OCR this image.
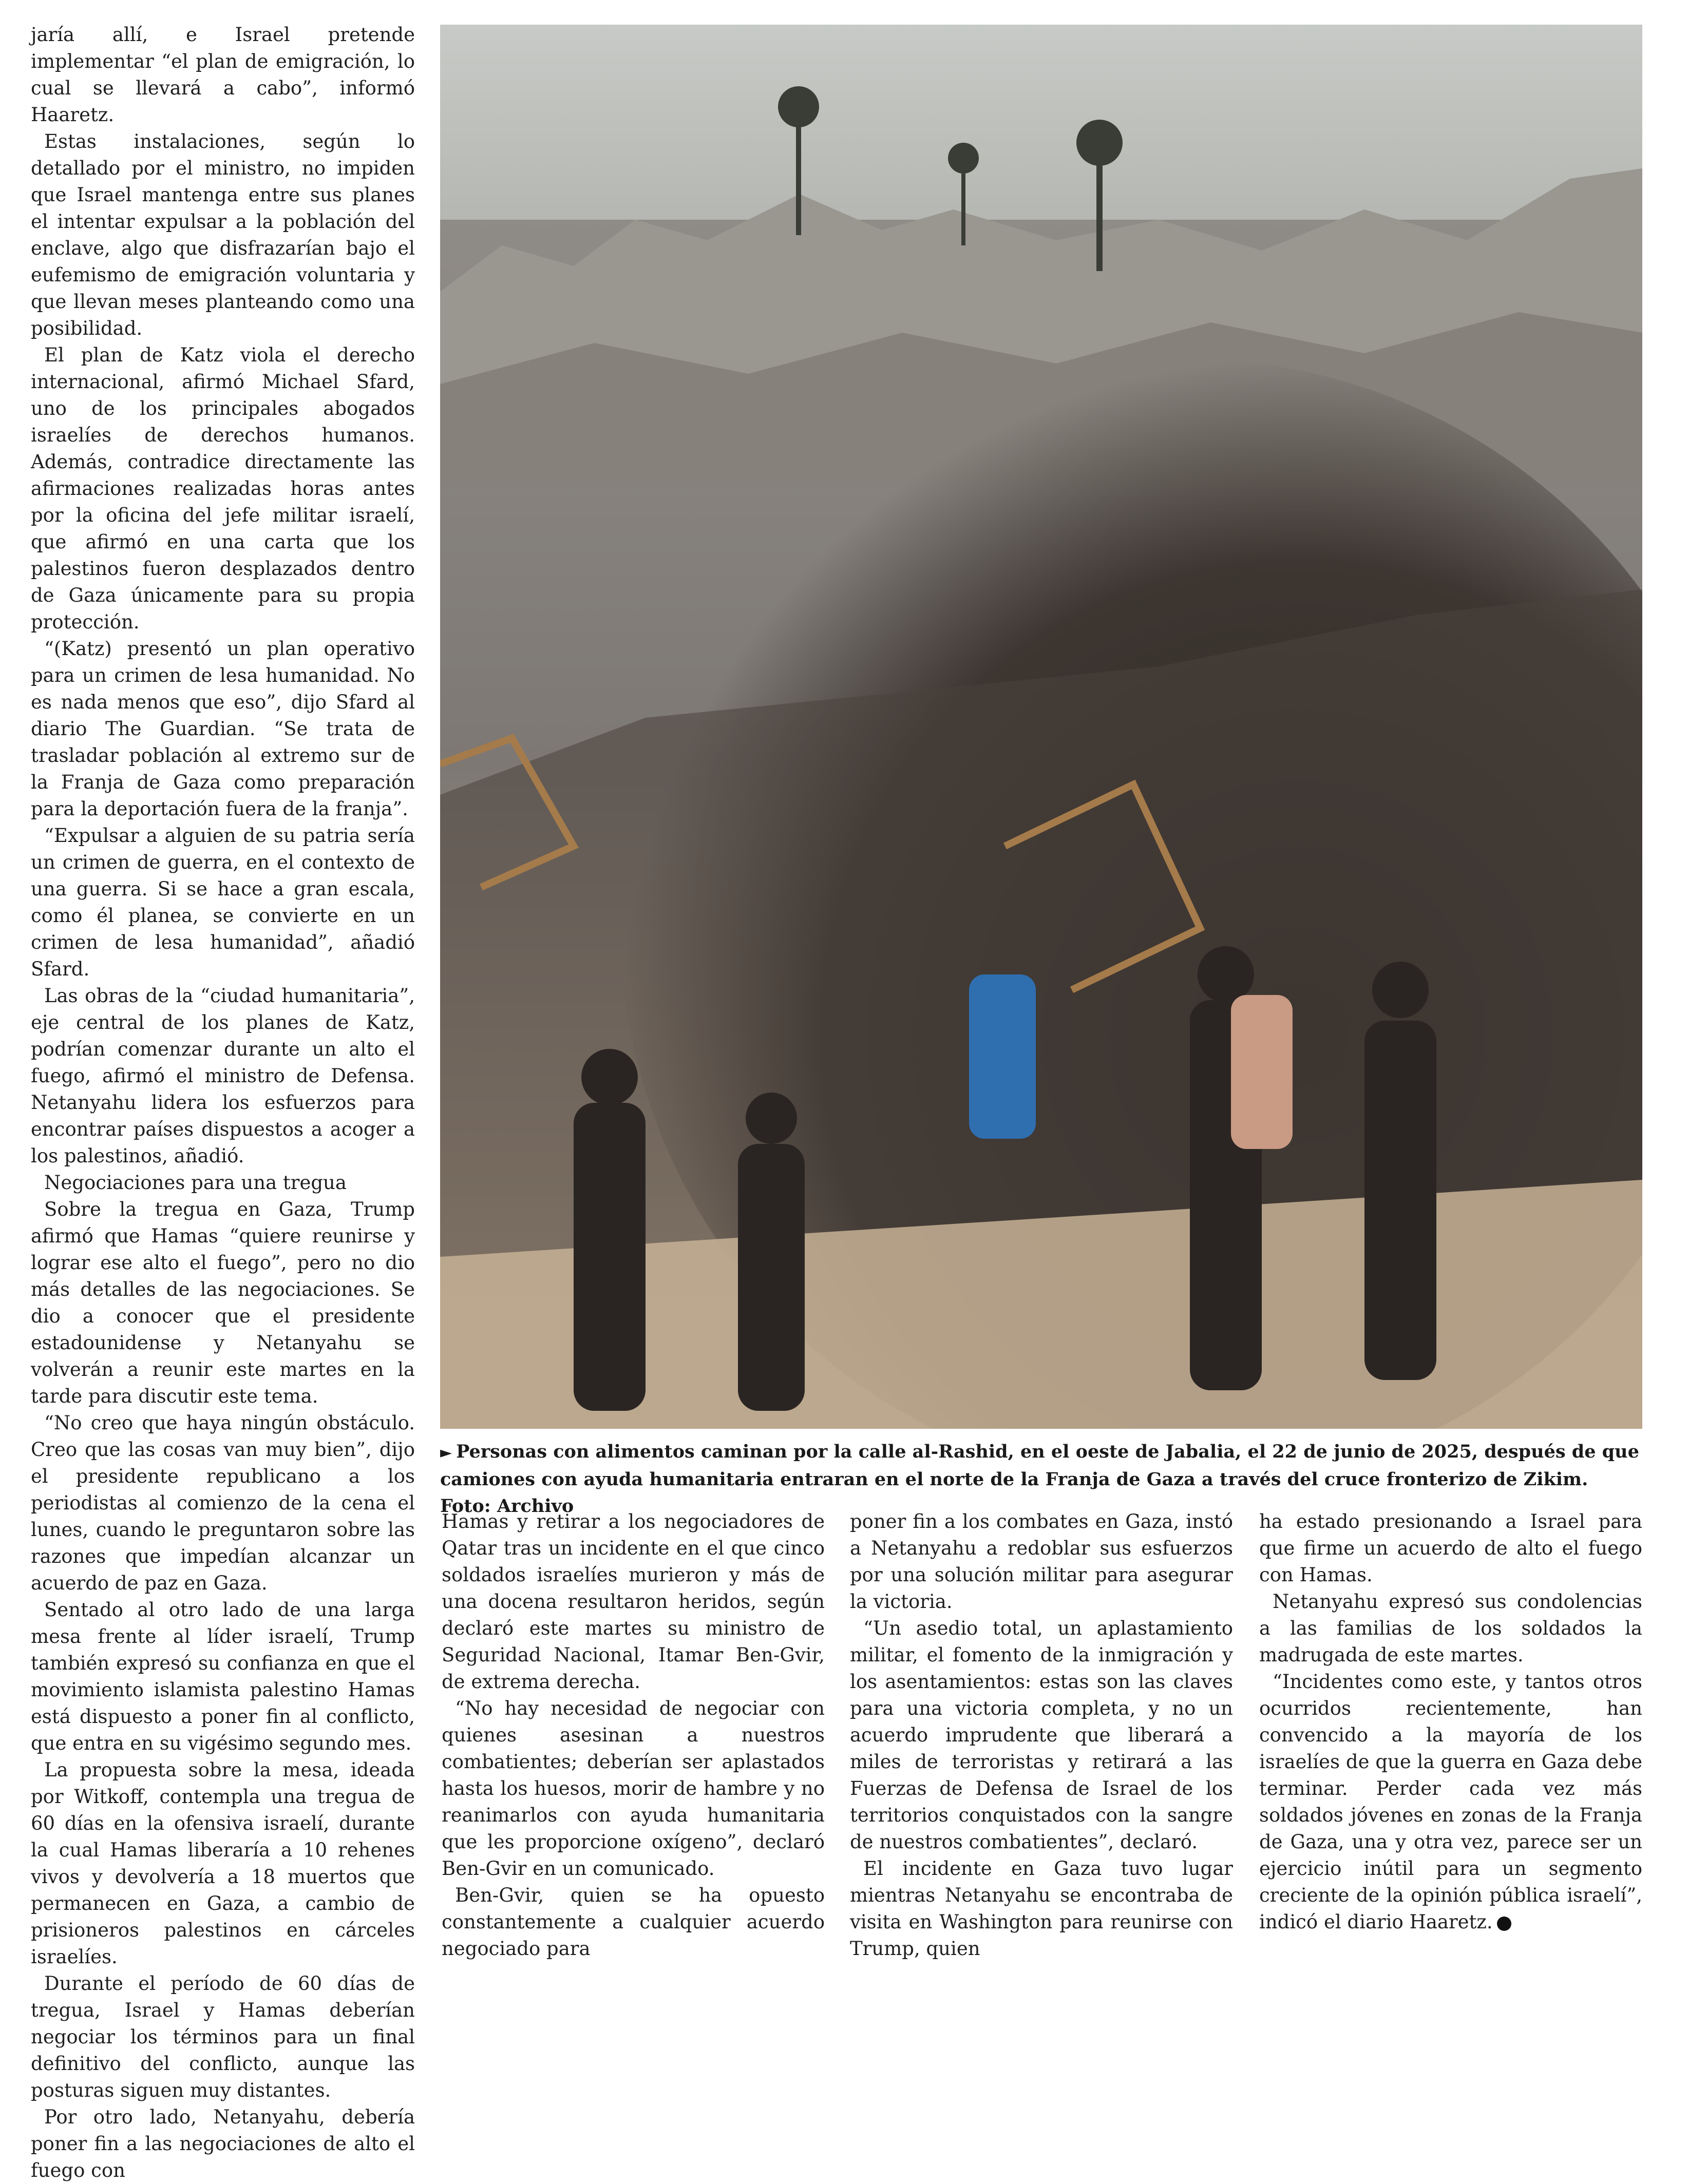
jaría allí, e Israel pretende implementar “el plan de emigración, lo cual se llevará a cabo”, informó Haaretz.

Estas instalaciones, según lo detallado por el ministro, no impiden que Israel mantenga entre sus planes el intentar expulsar a la población del enclave, algo que disfrazarían bajo el eufemismo de emigración voluntaria y que llevan meses planteando como una posibilidad.

El plan de Katz viola el derecho internacional, afirmó Michael Sfard, uno de los principales abogados israelíes de derechos humanos. Además, contradice directamente las afirmaciones realizadas horas antes por la oficina del jefe militar israelí, que afirmó en una carta que los palestinos fueron desplazados dentro de Gaza únicamente para su propia protección.

“(Katz) presentó un plan operativo para un crimen de lesa humanidad. No es nada menos que eso”, dijo Sfard al diario The Guardian. “Se trata de trasladar población al extremo sur de la Franja de Gaza como preparación para la deportación fuera de la franja”.

“Expulsar a alguien de su patria sería un crimen de guerra, en el contexto de una guerra. Si se hace a gran escala, como él planea, se convierte en un crimen de lesa humanidad”, añadió Sfard.

Las obras de la “ciudad humanitaria”, eje central de los planes de Katz, podrían comenzar durante un alto el fuego, afirmó el ministro de Defensa. Netanyahu lidera los esfuerzos para encontrar países dispuestos a acoger a los palestinos, añadió.

Negociaciones para una tregua

Sobre la tregua en Gaza, Trump afirmó que Hamas “quiere reunirse y lograr ese alto el fuego”, pero no dio más detalles de las negociaciones. Se dio a conocer que el presidente estadounidense y Netanyahu se volverán a reunir este martes en la tarde para discutir este tema.

“No creo que haya ningún obstáculo. Creo que las cosas van muy bien”, dijo el presidente republicano a los periodistas al comienzo de la cena el lunes, cuando le preguntaron sobre las razones que impedían alcanzar un acuerdo de paz en Gaza.

Sentado al otro lado de una larga mesa frente al líder israelí, Trump también expresó su confianza en que el movimiento islamista palestino Hamas está dispuesto a poner fin al conflicto, que entra en su vigésimo segundo mes.

La propuesta sobre la mesa, ideada por Witkoff, contempla una tregua de 60 días en la ofensiva israelí, durante la cual Hamas liberaría a 10 rehenes vivos y devolvería a 18 muertos que permanecen en Gaza, a cambio de prisioneros palestinos en cárceles israelíes.

Durante el período de 60 días de tregua, Israel y Hamas deberían negociar los términos para un final definitivo del conflicto, aunque las posturas siguen muy distantes.

Por otro lado, Netanyahu, debería poner fin a las negociaciones de alto el fuego con

► Personas con alimentos caminan por la calle al-Rashid, en el oeste de Jabalia, el 22 de junio de 2025, después de que camiones con ayuda humanitaria entraran en el norte de la Franja de Gaza a través del cruce fronterizo de Zikim. Foto: Archivo

Hamas y retirar a los negociadores de Qatar tras un incidente en el que cinco soldados israelíes murieron y más de una docena resultaron heridos, según declaró este martes su ministro de Seguridad Nacional, Itamar Ben-Gvir, de extrema derecha.

“No hay necesidad de negociar con quienes asesinan a nuestros combatientes; deberían ser aplastados hasta los huesos, morir de hambre y no reanimarlos con ayuda humanitaria que les proporcione oxígeno”, declaró Ben-Gvir en un comunicado.

Ben-Gvir, quien se ha opuesto constantemente a cualquier acuerdo negociado para

poner fin a los combates en Gaza, instó a Netanyahu a redoblar sus esfuerzos por una solución militar para asegurar la victoria.

“Un asedio total, un aplastamiento militar, el fomento de la inmigración y los asentamientos: estas son las claves para una victoria completa, y no un acuerdo imprudente que liberará a miles de terroristas y retirará a las Fuerzas de Defensa de Israel de los territorios conquistados con la sangre de nuestros combatientes”, declaró.

El incidente en Gaza tuvo lugar mientras Netanyahu se encontraba de visita en Washington para reunirse con Trump, quien

ha estado presionando a Israel para que firme un acuerdo de alto el fuego con Hamas.

Netanyahu expresó sus condolencias a las familias de los soldados la madrugada de este martes.

“Incidentes como este, y tantos otros ocurridos recientemente, han convencido a la mayoría de los israelíes de que la guerra en Gaza debe terminar. Perder cada vez más soldados jóvenes en zonas de la Franja de Gaza, una y otra vez, parece ser un ejercicio inútil para un segmento creciente de la opinión pública israelí”, indicó el diario Haaretz.
